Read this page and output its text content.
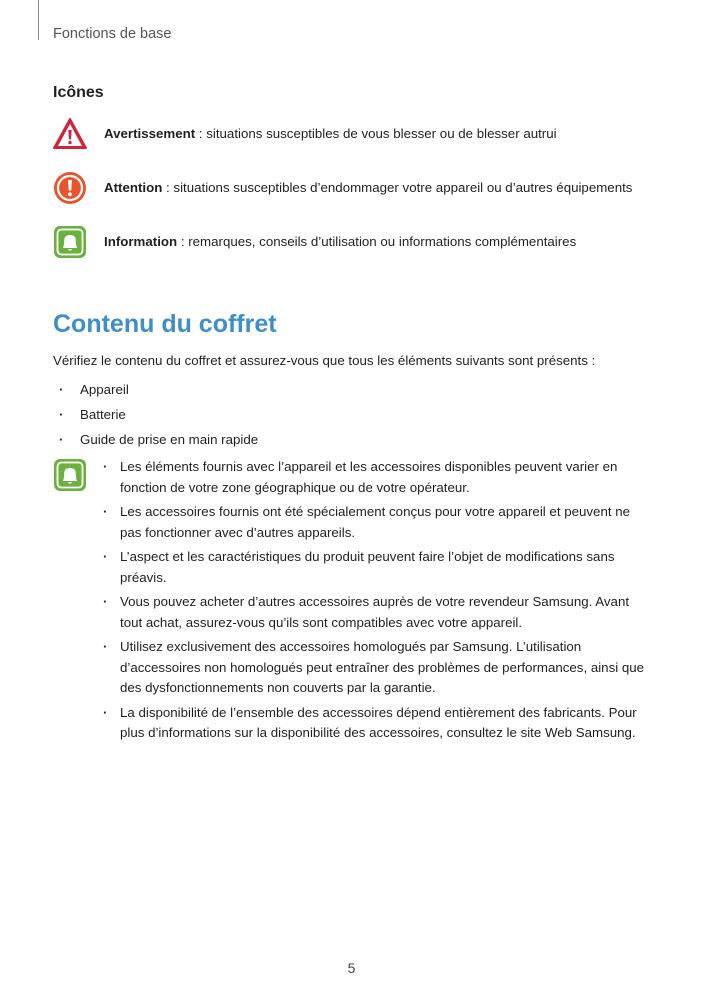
Fonctions de base
Icônes
Avertissement : situations susceptibles de vous blesser ou de blesser autrui
Attention : situations susceptibles d’endommager votre appareil ou d’autres équipements
Information : remarques, conseils d’utilisation ou informations complémentaires
Contenu du coffret
Vérifiez le contenu du coffret et assurez-vous que tous les éléments suivants sont présents :
· Appareil
· Batterie
· Guide de prise en main rapide
· Les éléments fournis avec l’appareil et les accessoires disponibles peuvent varier en fonction de votre zone géographique ou de votre opérateur.
· Les accessoires fournis ont été spécialement conçus pour votre appareil et peuvent ne pas fonctionner avec d’autres appareils.
· L’aspect et les caractéristiques du produit peuvent faire l’objet de modifications sans préavis.
· Vous pouvez acheter d’autres accessoires auprès de votre revendeur Samsung. Avant tout achat, assurez-vous qu’ils sont compatibles avec votre appareil.
· Utilisez exclusivement des accessoires homologués par Samsung. L’utilisation d’accessoires non homologués peut entraîner des problèmes de performances, ainsi que des dysfonctionnements non couverts par la garantie.
· La disponibilité de l’ensemble des accessoires dépend entièrement des fabricants. Pour plus d’informations sur la disponibilité des accessoires, consultez le site Web Samsung.
5
